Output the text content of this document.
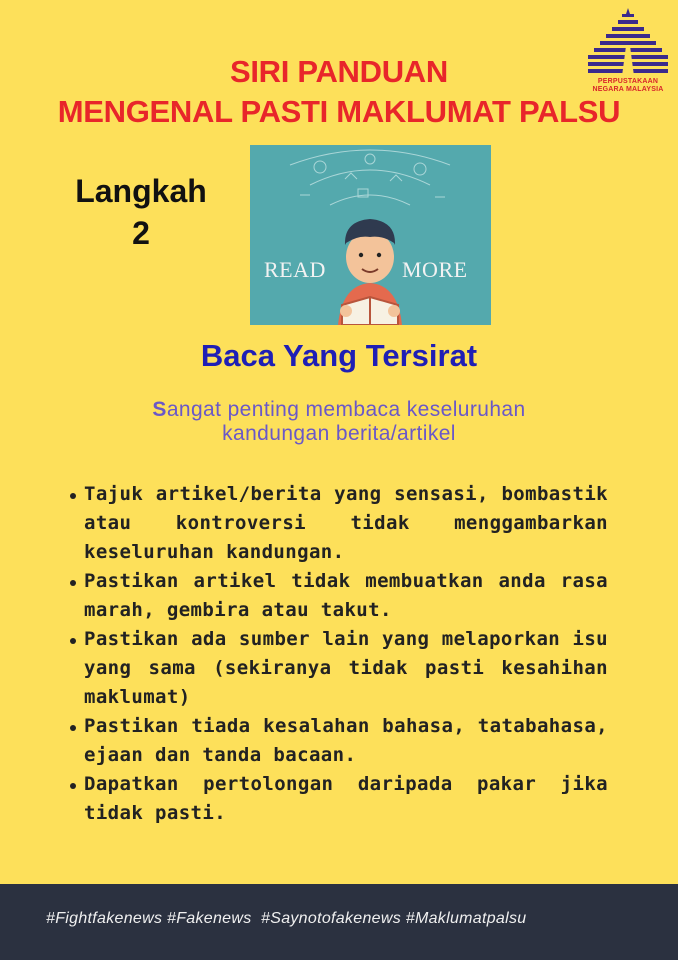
PERPUSTAKAAN
NEGARA MALAYSIA
SIRI PANDUAN
MENGENAL PASTI MAKLUMAT PALSU
Langkah
2
READ	MORE
Baca Yang Tersirat
Sangat penting membaca keseluruhan
kandungan berita/artikel
Tajuk artikel/berita yang sensasi, bombastik atau kontroversi tidak menggambarkan keseluruhan kandungan.
Pastikan artikel tidak membuatkan anda rasa marah, gembira atau takut.
Pastikan ada sumber lain yang melaporkan isu yang sama (sekiranya tidak pasti kesahihan maklumat)
Pastikan tiada kesalahan bahasa, tatabahasa, ejaan dan tanda bacaan.
Dapatkan pertolongan daripada pakar jika tidak pasti.
#Fightfakenews #Fakenews  #Saynotofakenews #Maklumatpalsu
